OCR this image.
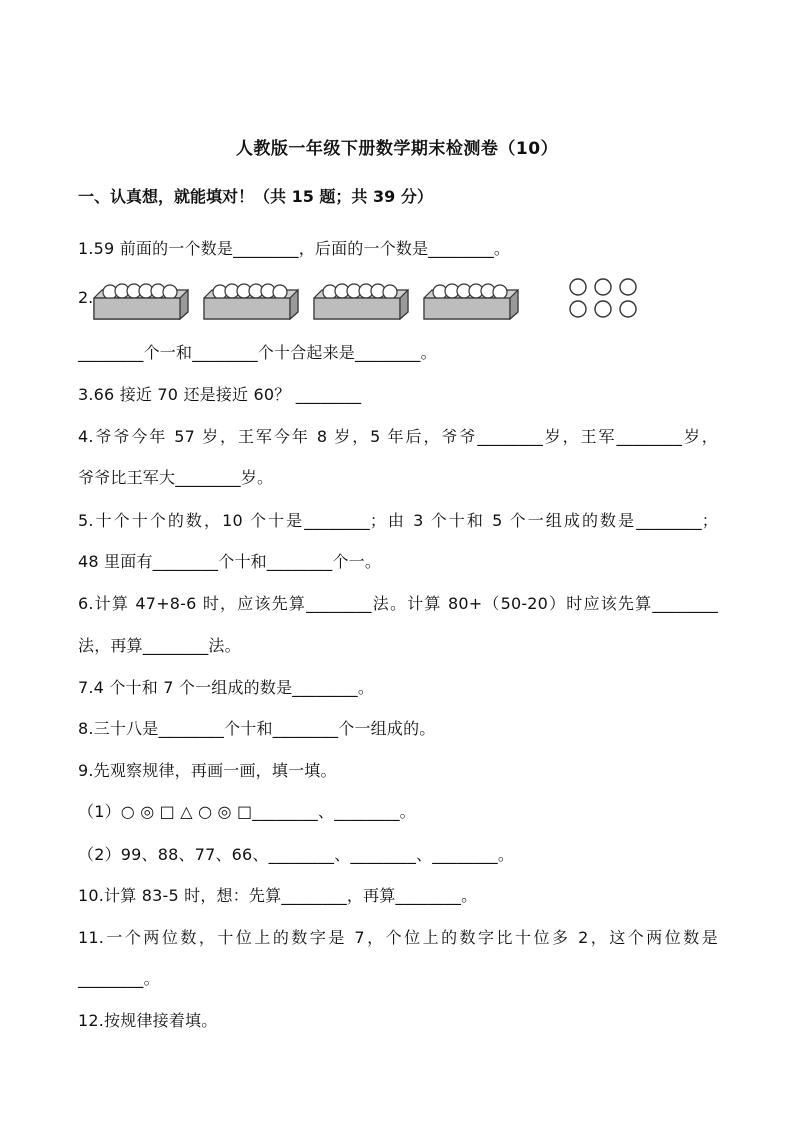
人教版一年级下册数学期末检测卷（10）
一、认真想，就能填对！（共 15 题；共 39 分）
1.59 前面的一个数是________，后面的一个数是________。
2.
________个一和________个十合起来是________。
3.66 接近 70 还是接近 60？ ________
4.爷爷今年 57 岁，王军今年 8 岁，5 年后，爷爷________岁，王军________岁，
爷爷比王军大________岁。
5.十个十个的数，10 个十是________；由 3 个十和 5 个一组成的数是________；
48 里面有________个十和________个一。
6.计算 47+8-6 时，应该先算________法。计算 80+（50-20）时应该先算________
法，再算________法。
7.4 个十和 7 个一组成的数是________。
8.三十八是________个十和________个一组成的。
9.先观察规律，再画一画，填一填。
（1）○ ◎ □ △ ○ ◎ □________、________。
（2）99、88、77、66、________、________、________。
10.计算 83-5 时，想：先算________，再算________。
11.一个两位数，十位上的数字是 7，个位上的数字比十位多 2，这个两位数是
________。
12.按规律接着填。
